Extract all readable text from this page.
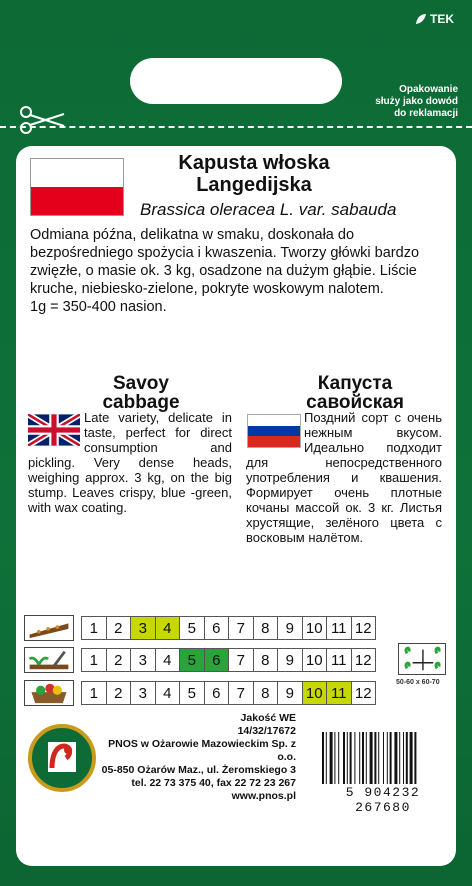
TEK
Opakowanie
służy jako dowód
do reklamacji
Kapusta włoska
Langedijska
Brassica oleracea L. var. sabauda
Odmiana późna, delikatna w smaku, doskonała do bezpośredniego spożycia i kwaszenia. Tworzy główki bardzo zwięzłe, o masie ok. 3 kg, osadzone na dużym głąbie. Liście kruche, niebiesko-zielone, pokryte woskowym nalotem.
1g = 350-400 nasion.
Savoy
cabbage
Капуста
савойская
Late variety, delicate in taste, perfect for direct consumption and pickling. Very dense heads, weighing approx. 3 kg, on the big stump. Leaves crispy, blue -green, with wax coating.
Поздний сорт с очень нежным вкусом. Идеально подходит для непосредственного употребления и квашения. Формирует очень плотные кочаны массой ок. 3 кг. Листья хрустящие, зелёного цвета с восковым налётом.
1	2	3	4	5	6	7	8	9 10 11 12
1	2	3	4	5	6	7	8	9 10 11 12
1	2	3	4	5	6	7	8	9 10 11 12
50-60 x 60-70
Jakość WE
14/32/17672
PNOS w Ożarowie Mazowieckim Sp. z o.o.
05-850 Ożarów Maz., ul. Żeromskiego 3
tel. 22 73 375 40, fax 22 72 23 267
www.pnos.pl	5 904232 267680
